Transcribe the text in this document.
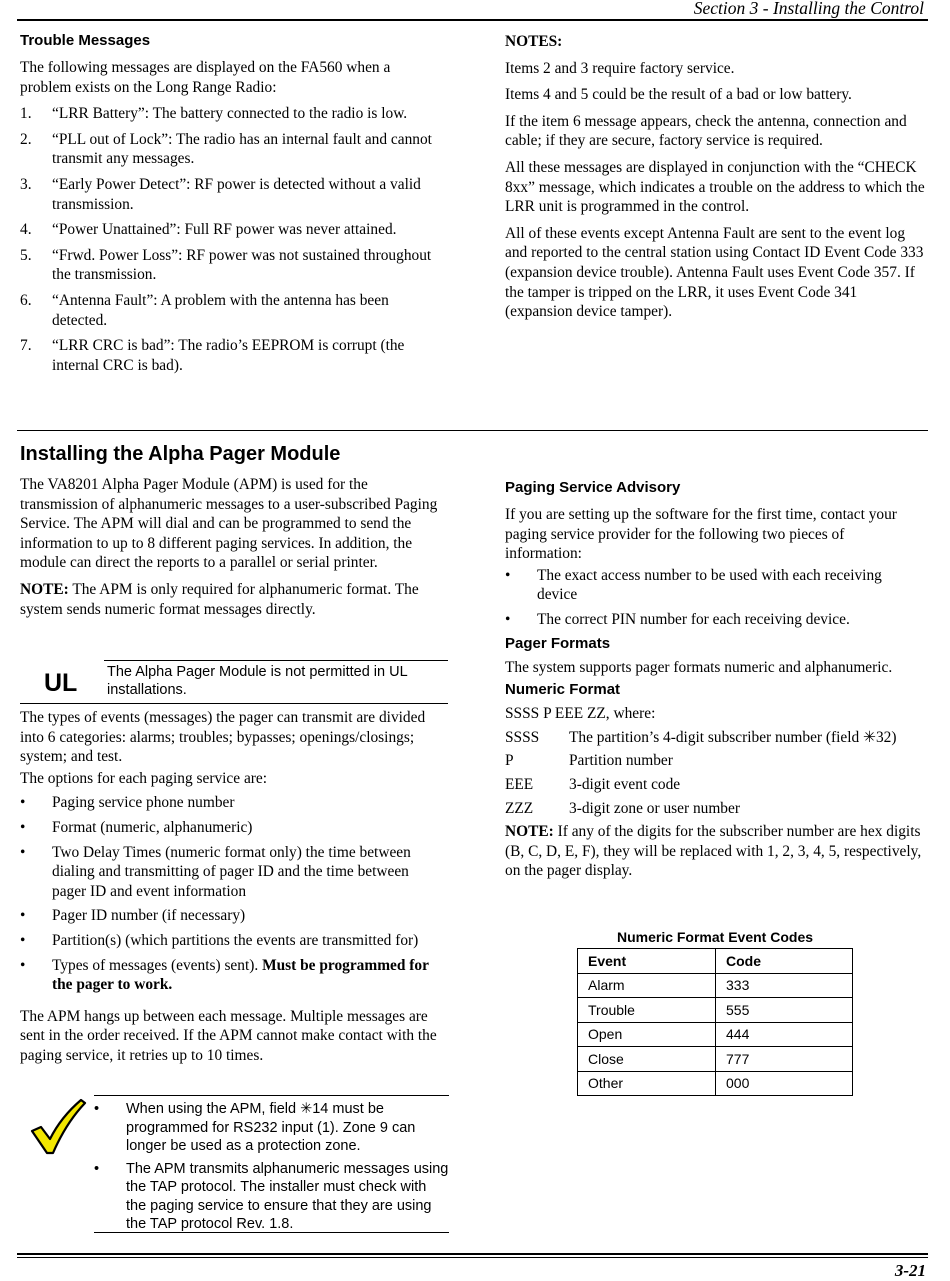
Section 3 - Installing the Control
Trouble Messages
The following messages are displayed on the FA560 when a problem exists on the Long Range Radio:
1. “LRR Battery”: The battery connected to the radio is low.
2. “PLL out of Lock”: The radio has an internal fault and cannot transmit any messages.
3. “Early Power Detect”: RF power is detected without a valid transmission.
4. “Power Unattained”: Full RF power was never attained.
5. “Frwd. Power Loss”: RF power was not sustained throughout the transmission.
6. “Antenna Fault”: A problem with the antenna has been detected.
7. “LRR CRC is bad”: The radio’s EEPROM is corrupt (the internal CRC is bad).
NOTES:
Items 2 and 3 require factory service.
Items 4 and 5 could be the result of a bad or low battery.
If the item 6 message appears, check the antenna, connection and cable; if they are secure, factory service is required.
All these messages are displayed in conjunction with the “CHECK 8xx” message, which indicates a trouble on the address to which the LRR unit is programmed in the control.
All of these events except Antenna Fault are sent to the event log and reported to the central station using Contact ID Event Code 333 (expansion device trouble). Antenna Fault uses Event Code 357. If the tamper is tripped on the LRR, it uses Event Code 341 (expansion device tamper).
Installing the Alpha Pager Module
The VA8201 Alpha Pager Module (APM) is used for the transmission of alphanumeric messages to a user-subscribed Paging Service. The APM will dial and can be programmed to send the information to up to 8 different paging services. In addition, the module can direct the reports to a parallel or serial printer.
NOTE: The APM is only required for alphanumeric format. The system sends numeric format messages directly.
UL The Alpha Pager Module is not permitted in UL installations.
The types of events (messages) the pager can transmit are divided into 6 categories: alarms; troubles; bypasses; openings/closings; system; and test.
The options for each paging service are:
• Paging service phone number
• Format (numeric, alphanumeric)
• Two Delay Times (numeric format only) the time between dialing and transmitting of pager ID and the time between pager ID and event information
• Pager ID number (if necessary)
• Partition(s) (which partitions the events are transmitted for)
• Types of messages (events) sent). Must be programmed for the pager to work.
The APM hangs up between each message. Multiple messages are sent in the order received. If the APM cannot make contact with the paging service, it retries up to 10 times.
• When using the APM, field ✳14 must be programmed for RS232 input (1). Zone 9 can longer be used as a protection zone.
• The APM transmits alphanumeric messages using the TAP protocol. The installer must check with the paging service to ensure that they are using the TAP protocol Rev. 1.8.
Paging Service Advisory
If you are setting up the software for the first time, contact your paging service provider for the following two pieces of information:
• The exact access number to be used with each receiving device
• The correct PIN number for each receiving device.
Pager Formats
The system supports pager formats numeric and alphanumeric.
Numeric Format
SSSS P EEE ZZ, where:
SSSS The partition’s 4-digit subscriber number (field ✳32)
P	Partition number
EEE 3-digit event code
ZZZ 3-digit zone or user number
NOTE: If any of the digits for the subscriber number are hex digits (B, C, D, E, F), they will be replaced with 1, 2, 3, 4, 5, respectively, on the pager display.
Numeric Format Event Codes
Event	Code
Alarm	333
Trouble	555
Open	444
Close	777
Other	000
3-21
